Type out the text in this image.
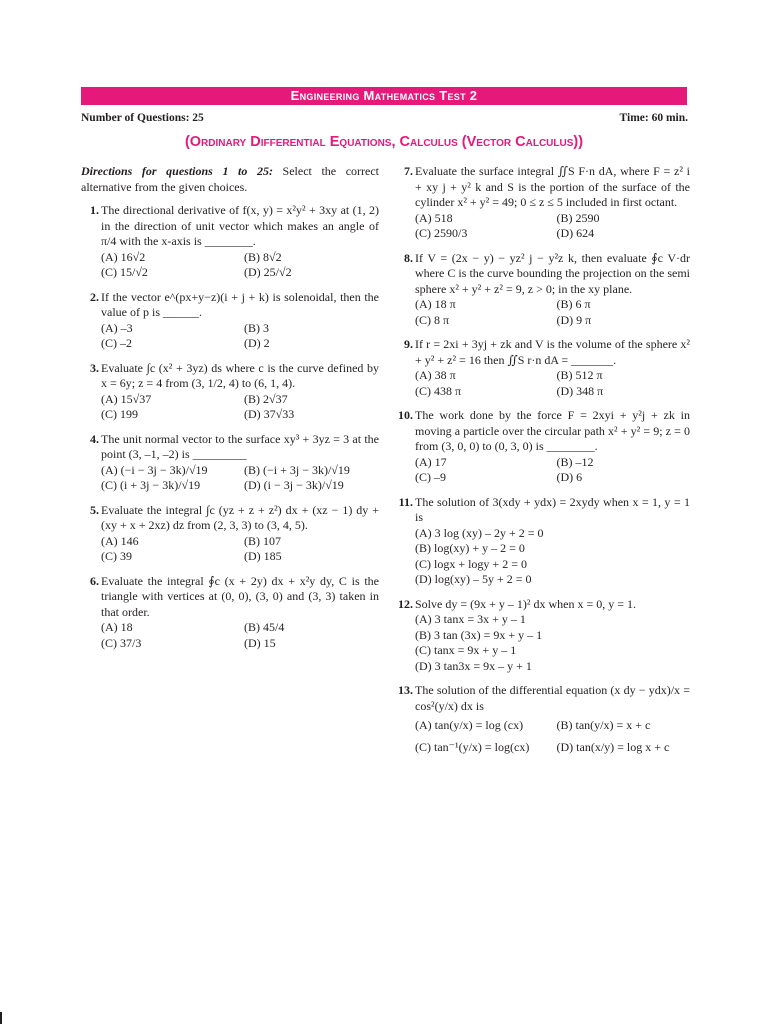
Engineering Mathematics Test 2
Number of Questions: 25	Time: 60 min.
(Ordinary Differential Equations, Calculus (Vector Calculus))
Directions for questions 1 to 25: Select the correct alternative from the given choices.
1. The directional derivative of f(x, y) = x²y² + 3xy at (1, 2) in the direction of unit vector which makes an angle of π/4 with the x-axis is ________.
(A) 16√2	(B) 8√2
(C) 15/√2	(D) 25/√2
2. If the vector e^(px+y−z)(i + j + k) is solenoidal, then the value of p is ______.
(A) –3	(B) 3
(C) –2	(D) 2
3. Evaluate ∫c (x² + 3yz) ds where c is the curve defined by x = 6y; z = 4 from (3, 1/2, 4) to (6, 1, 4).
(A) 15√37	(B) 2√37
(C) 199	(D) 37√33
4. The unit normal vector to the surface xy³ + 3yz = 3 at the point (3, –1, –2) is _________
(A) (−i − 3j − 3k)/√19	(B) (−i + 3j − 3k)/√19
(C) (i + 3j − 3k)/√19	(D) (i − 3j − 3k)/√19
5. Evaluate the integral ∫c (yz + z + z²) dx + (xz − 1) dy + (xy + x + 2xz) dz from (2, 3, 3) to (3, 4, 5).
(A) 146	(B) 107
(C) 39	(D) 185
6. Evaluate the integral ∮c (x + 2y) dx + x²y dy, C is the triangle with vertices at (0, 0), (3, 0) and (3, 3) taken in that order.
(A) 18	(B) 45/4
(C) 37/3	(D) 15
7. Evaluate the surface integral ∬S F·n dA, where F = z² i + xy j + y² k and S is the portion of the surface of the cylinder x² + y² = 49; 0 ≤ z ≤ 5 included in first octant.
(A) 518	(B) 2590
(C) 2590/3	(D) 624
8. If V = (2x − y) − yz² j − y²z k, then evaluate ∮c V·dr where C is the curve bounding the projection on the semi sphere x² + y² + z² = 9, z > 0; in the xy plane.
(A) 18 π	(B) 6 π
(C) 8 π	(D) 9 π
9. If r = 2xi + 3yj + zk and V is the volume of the sphere x² + y² + z² = 16 then ∬S r·n dA = _______.
(A) 38 π	(B) 512 π
(C) 438 π	(D) 348 π
10. The work done by the force F = 2xyi + y²j + zk in moving a particle over the circular path x² + y² = 9; z = 0 from (3, 0, 0) to (0, 3, 0) is ________.
(A) 17	(B) –12
(C) –9	(D) 6
11. The solution of 3(xdy + ydx) = 2xydy when x = 1, y = 1 is
(A) 3 log (xy) – 2y + 2 = 0
(B) log(xy) + y – 2 = 0
(C) logx + logy + 2 = 0
(D) log(xy) – 5y + 2 = 0
12. Solve dy = (9x + y – 1)² dx when x = 0, y = 1.
(A) 3 tanx = 3x + y – 1
(B) 3 tan (3x) = 9x + y – 1
(C) tanx = 9x + y – 1
(D) 3 tan3x = 9x – y + 1
13. The solution of the differential equation (x dy − ydx)/x = cos²(y/x) dx is
(A) tan(y/x) = log (cx)	(B) tan(y/x) = x + c
(C) tan⁻¹(y/x) = log(cx)	(D) tan(x/y) = log x + c
